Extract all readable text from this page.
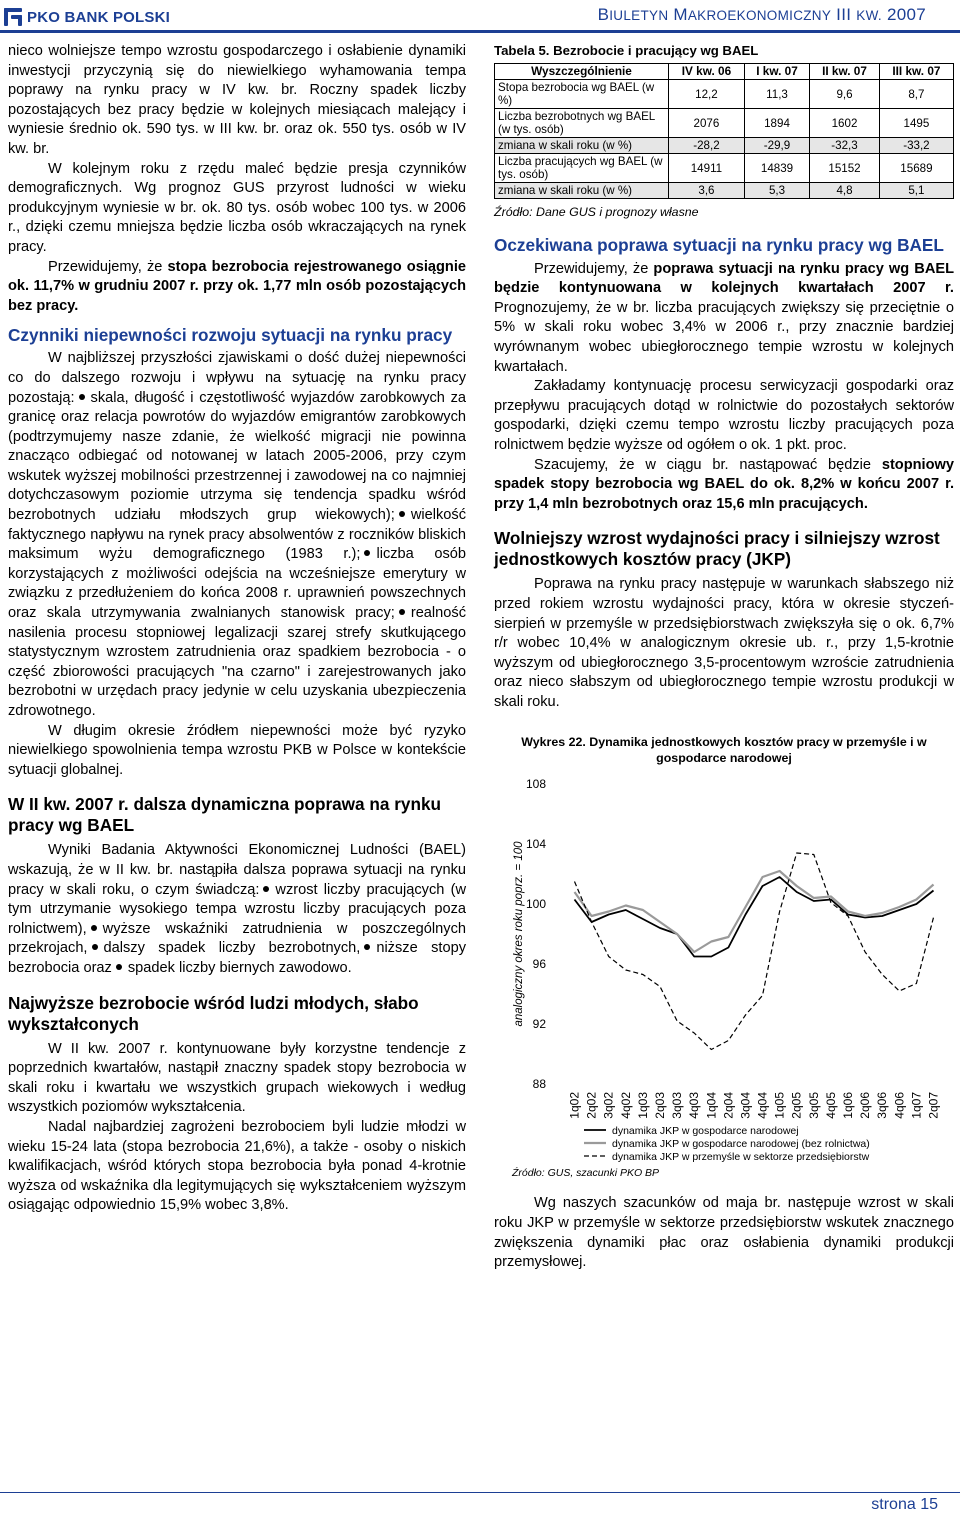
PKO BANK POLSKI	BIULETYN MAKROEKONOMICZNY III KW. 2007

nieco wolniejsze tempo wzrostu gospodarczego i osłabienie dynamiki inwestycji przyczynią się do niewielkiego wyhamowania tempa poprawy na rynku pracy w IV kw. br. Roczny spadek liczby pozostających bez pracy będzie w kolejnych miesiącach malejący i wyniesie średnio ok. 590 tys. w III kw. br. oraz ok. 550 tys. osób w IV kw. br.

W kolejnym roku z rzędu maleć będzie presja czynników demograficznych. Wg prognoz GUS przyrost ludności w wieku produkcyjnym wyniesie w br. ok. 80 tys. osób wobec 100 tys. w 2006 r., dzięki czemu mniejsza będzie liczba osób wkraczających na rynek pracy.

Przewidujemy, że stopa bezrobocia rejestrowanego osiągnie ok. 11,7% w grudniu 2007 r. przy ok. 1,77 mln osób pozostających bez pracy.

Czynniki niepewności rozwoju sytuacji na rynku pracy

W najbliższej przyszłości zjawiskami o dość dużej niepewności co do dalszego rozwoju i wpływu na sytuację na rynku pracy pozostają: skala, długość i częstotliwość wyjazdów zarobkowych za granicę oraz relacja powrotów do wyjazdów emigrantów zarobkowych (podtrzymujemy nasze zdanie, że wielkość migracji nie powinna znacząco odbiegać od notowanej w latach 2005-2006, przy czym wskutek wyższej mobilności przestrzennej i zawodowej na co najmniej dotychczasowym poziomie utrzyma się tendencja spadku wśród bezrobotnych udziału młodszych grup wiekowych); wielkość faktycznego napływu na rynek pracy absolwentów z roczników bliskich maksimum wyżu demograficznego (1983 r.); liczba osób korzystających z możliwości odejścia na wcześniejsze emerytury w związku z przedłużeniem do końca 2008 r. uprawnień powszechnych oraz skala utrzymywania zwalnianych stanowisk pracy; realność nasilenia procesu stopniowej legalizacji szarej strefy skutkującego statystycznym wzrostem zatrudnienia oraz spadkiem bezrobocia - o część zbiorowości pracujących "na czarno" i zarejestrowanych jako bezrobotni w urzędach pracy jedynie w celu uzyskania ubezpieczenia zdrowotnego.

W długim okresie źródłem niepewności może być ryzyko niewielkiego spowolnienia tempa wzrostu PKB w Polsce w kontekście sytuacji globalnej.

W II kw. 2007 r. dalsza dynamiczna poprawa na rynku pracy wg BAEL

Wyniki Badania Aktywności Ekonomicznej Ludności (BAEL) wskazują, że w II kw. br. nastąpiła dalsza poprawa sytuacji na rynku pracy w skali roku, o czym świadczą: wzrost liczby pracujących (w tym utrzymanie wysokiego tempa wzrostu liczby pracujących poza rolnictwem), wyższe wskaźniki zatrudnienia w poszczególnych przekrojach, dalszy spadek liczby bezrobotnych, niższe stopy bezrobocia oraz spadek liczby biernych zawodowo.

Najwyższe bezrobocie wśród ludzi młodych, słabo wykształconych

W II kw. 2007 r. kontynuowane były korzystne tendencje z poprzednich kwartałów, nastąpił znaczny spadek stopy bezrobocia w skali roku i kwartału we wszystkich grupach wiekowych i według wszystkich poziomów wykształcenia.

Nadal najbardziej zagrożeni bezrobociem byli ludzie młodzi w wieku 15-24 lata (stopa bezrobocia 21,6%), a także - osoby o niskich kwalifikacjach, wśród których stopa bezrobocia była ponad 4-krotnie wyższa od wskaźnika dla legitymujących się wykształceniem wyższym osiągając odpowiednio 15,9% wobec 3,8%.

Tabela 5. Bezrobocie i pracujący wg BAEL
Wyszczególnienie	IV kw. 06	I kw. 07	II kw. 07	III kw. 07
Stopa bezrobocia wg BAEL (w %)	12,2	11,3	9,6	8,7
Liczba bezrobotnych wg BAEL (w tys. osób)	2076	1894	1602	1495
zmiana w skali roku (w %)	-28,2	-29,9	-32,3	-33,2
Liczba pracujących wg BAEL (w tys. osób)	14911	14839	15152	15689
zmiana w skali roku (w %)	3,6	5,3	4,8	5,1
Źródło: Dane GUS i prognozy własne
Oczekiwana poprawa sytuacji na rynku pracy wg BAEL

Przewidujemy, że poprawa sytuacji na rynku pracy wg BAEL będzie kontynuowana w kolejnych kwartałach 2007 r. Prognozujemy, że w br. liczba pracujących zwiększy się przeciętnie o 5% w skali roku wobec 3,4% w 2006 r., przy znacznie bardziej wyrównanym wobec ubiegłorocznego tempie wzrostu w kolejnych kwartałach.

Zakładamy kontynuację procesu serwicyzacji gospodarki oraz przepływu pracujących dotąd w rolnictwie do pozostałych sektorów gospodarki, dzięki czemu tempo wzrostu liczby pracujących poza rolnictwem będzie wyższe od ogółem o ok. 1 pkt. proc.

Szacujemy, że w ciągu br. nastąpować będzie stopniowy spadek stopy bezrobocia wg BAEL do ok. 8,2% w końcu 2007 r. przy 1,4 mln bezrobotnych oraz 15,6 mln pracujących.

Wolniejszy wzrost wydajności pracy i silniejszy wzrost jednostkowych kosztów pracy (JKP)

Poprawa na rynku pracy następuje w warunkach słabszego niż przed rokiem wzrostu wydajności pracy, która w okresie styczeń-sierpień w przemyśle w przedsiębiorstwach zwiększyła się o ok. 6,7% r/r wobec 10,4% w analogicznym okresie ub. r., przy 1,5-krotnie wyższym od ubiegłorocznego 3,5-procentowym wzroście zatrudnienia oraz nieco słabszym od ubiegłorocznego tempie wzrostu produkcji w skali roku.

Wykres 22. Dynamika jednostkowych kosztów pracy w przemyśle i w gospodarce narodowej
analogiczny okres roku poprz. = 100
88
92
96
100
104
108
1q02 2q02 3q02 4q02 1q03 2q03 3q03 4q03 1q04 2q04 3q04 4q04 1q05 2q05 3q05 4q05 1q06 2q06 3q06 4q06 1q07 2q07
dynamika JKP w gospodarce narodowej
dynamika JKP w gospodarce narodowej (bez rolnictwa)
dynamika JKP w przemyśle w sektorze przedsiębiorstw
Źródło: GUS, szacunki PKO BP

Wg naszych szacunków od maja br. następuje wzrost w skali roku JKP w przemyśle w sektorze przedsiębiorstw wskutek znacznego zwiększenia dynamiki płac oraz osłabienia dynamiki produkcji przemysłowej.

strona 15
